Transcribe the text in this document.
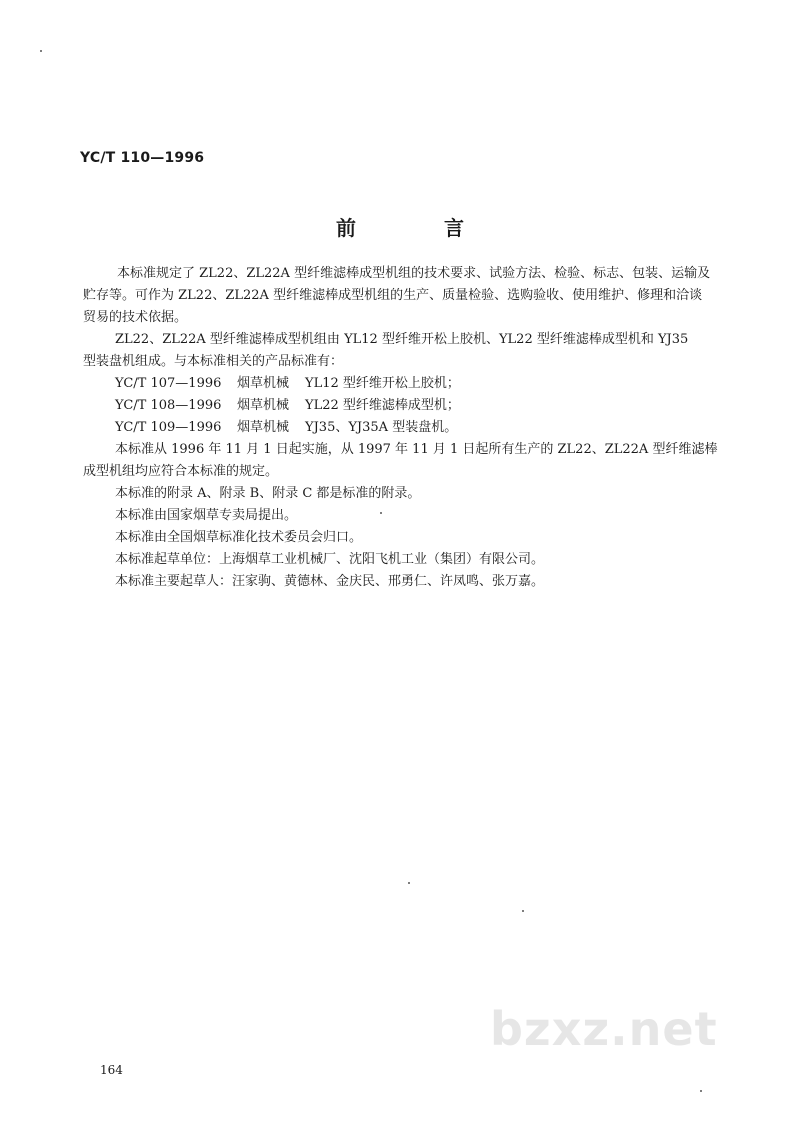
YC/T 110—1996
前　言
本标准规定了 ZL22、ZL22A 型纤维滤棒成型机组的技术要求、试验方法、检验、标志、包装、运输及
贮存等。可作为 ZL22、ZL22A 型纤维滤棒成型机组的生产、质量检验、选购验收、使用维护、修理和洽谈
贸易的技术依据。
ZL22、ZL22A 型纤维滤棒成型机组由 YL12 型纤维开松上胶机、YL22 型纤维滤棒成型机和 YJ35
型装盘机组成。与本标准相关的产品标准有：
YC/T 107—1996	烟草机械	YL12 型纤维开松上胶机；
YC/T 108—1996	烟草机械	YL22 型纤维滤棒成型机；
YC/T 109—1996	烟草机械	YJ35、YJ35A 型装盘机。
本标准从 1996 年 11 月 1 日起实施，从 1997 年 11 月 1 日起所有生产的 ZL22、ZL22A 型纤维滤棒
成型机组均应符合本标准的规定。
本标准的附录 A、附录 B、附录 C 都是标准的附录。
本标准由国家烟草专卖局提出。
本标准由全国烟草标准化技术委员会归口。
本标准起草单位：上海烟草工业机械厂、沈阳飞机工业（集团）有限公司。
本标准主要起草人：汪家驹、黄德林、金庆民、邢勇仁、许凤鸣、张万嘉。
164
bzxz.net
